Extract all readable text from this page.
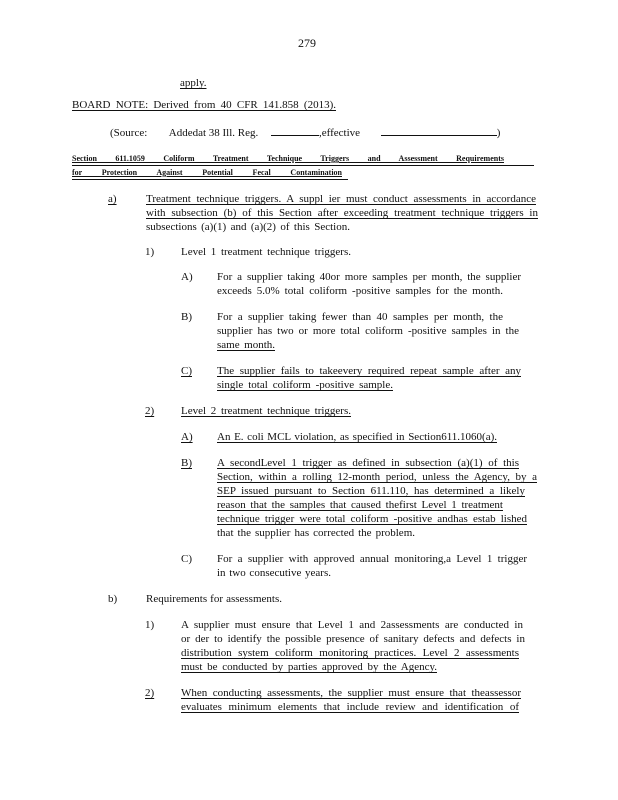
279
apply.
BOARD NOTE: Derived from 40 CFR 141.858 (2013).
(Source: Addedat 38 Ill. Reg.	,effective	)
Section 611.1059 Coliform Treatment Technique Triggers and Assessment Requirements
for Protection Against Potential Fecal Contamination
a)	Treatment technique triggers. A suppl ier must conduct assessments in accordance
with subsection (b) of this Section after exceeding treatment technique triggers in
subsections (a)(1) and (a)(2) of this Section.
1) Level 1 treatment technique triggers.
A) For a supplier taking 40or more samples per month, the supplier
exceeds 5.0% total coliform -positive samples for the month.
B) For a supplier taking fewer than 40 samples per month, the
supplier has two or more total coliform -positive samples in the
same month.
C)	The supplier fails to takeevery required repeat sample after any
single total coliform -positive sample.
2)	Level 2 treatment technique triggers.
A)	An E. coli MCL violation, as specified in Section611.1060(a).
B)	A secondLevel 1 trigger as defined in subsection (a)(1) of this
Section, within a rolling 12-month period, unless the Agency, by a
SEP issued pursuant to Section 611.110, has determined a likely
reason that the samples that caused thefirst Level 1 treatment
technique trigger were total coliform -positive andhas estab lished
that the supplier has corrected the problem.
C) For a supplier with approved annual monitoring,a Level 1 trigger
in two consecutive years.
b)	Requirements for assessments.
1) A supplier must ensure that Level 1 and 2assessments are conducted in
or der to identify the possible presence of sanitary defects and defects in
distribution system coliform monitoring practices. Level 2 assessments
must be conducted by parties approved by the Agency.
2)	When conducting assessments, the supplier must ensure that theassessor
evaluates minimum elements that include review and identification of
